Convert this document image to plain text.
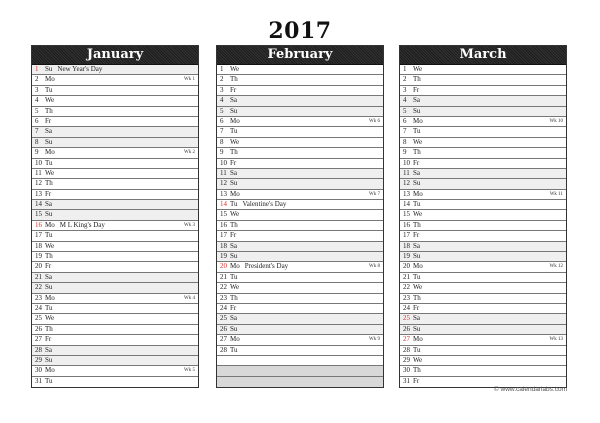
2017
January
1 Su New Year's Day
2 Mo	Wk 1
3 Tu
4 We
5 Th
6 Fr
7 Sa
8 Su
9 Mo	Wk 2
10 Tu
11 We
12 Th
13 Fr
14 Sa
15 Su
16 Mo M L King's Day	Wk 3
17 Tu
18 We
19 Th
20 Fr
21 Sa
22 Su
23 Mo	Wk 4
24 Tu
25 We
26 Th
27 Fr
28 Sa
29 Su
30 Mo	Wk 5
31 Tu
February
1 We
2 Th
3 Fr
4 Sa
5 Su
6 Mo	Wk 6
7 Tu
8 We
9 Th
10 Fr
11 Sa
12 Su
13 Mo	Wk 7
14 Tu Valentine's Day
15 We
16 Th
17 Fr
18 Sa
19 Su
20 Mo President's Day	Wk 8
21 Tu
22 We
23 Th
24 Fr
25 Sa
26 Su
27 Mo	Wk 9
28 Tu
March
1 We
2 Th
3 Fr
4 Sa
5 Su
6 Mo	Wk 10
7 Tu
8 We
9 Th
10 Fr
11 Sa
12 Su
13 Mo	Wk 11
14 Tu
15 We
16 Th
17 Fr
18 Sa
19 Su
20 Mo	Wk 12
21 Tu
22 We
23 Th
24 Fr
25 Sa
26 Su
27 Mo	Wk 13
28 Tu
29 We
30 Th
31 Fr
© www.calendarlabs.com
